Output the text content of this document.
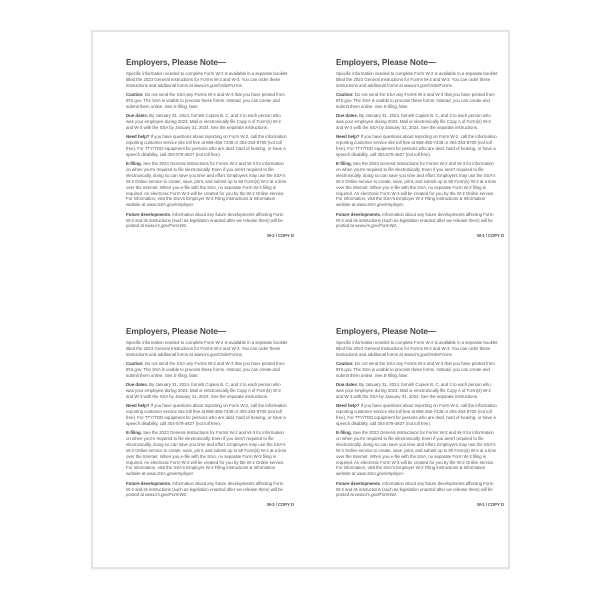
Employers, Please Note—

Specific information needed to complete Form W-2 is available in a separate booklet titled the 2023 General Instructions for Forms W-2 and W-3. You can order these instructions and additional forms at www.irs.gov/OrderForms.

Caution: Do not send the SSA any Forms W-2 and W-3 that you have printed from IRS.gov. The SSA is unable to process these forms. Instead, you can create and submit them online. See E-filing, later.

Due dates. By January 31, 2024, furnish Copies B, C, and 2 to each person who was your employee during 2023. Mail or electronically file Copy A of Form(s) W-2 and W-3 with the SSA by January 31, 2024. See the separate instructions.

Need help? If you have questions about reporting on Form W-2, call the information reporting customer service site toll free at 866-455-7438 or 304-263-8700 (not toll free). For TTY/TDD equipment for persons who are deaf, hard of hearing, or have a speech disability, call 304-579-4827 (not toll free).

E-filing. See the 2023 General Instructions for Forms W-2 and W-3 for information on when you're required to file electronically. Even if you aren't required to file electronically, doing so can save you time and effort. Employers may use the SSA's W-2 Online service to create, save, print, and submit up to 50 Form(s) W-2 at a time over the Internet. When you e-file with the SSA, no separate Form W-3 filing is required. An electronic Form W-3 will be created for you by the W-2 Online service. For information, visit the SSA's Employer W-2 Filing Instructions & Information website at www.SSA.gov/employer.

Future developments. Information about any future developments affecting Form W-2 and its instructions (such as legislation enacted after we release them) will be posted at www.irs.gov/FormW2.

W-2 / COPY D
Employers, Please Note—

Specific information needed to complete Form W-2 is available in a separate booklet titled the 2023 General Instructions for Forms W-2 and W-3. You can order these instructions and additional forms at www.irs.gov/OrderForms.

Caution: Do not send the SSA any Forms W-2 and W-3 that you have printed from IRS.gov. The SSA is unable to process these forms. Instead, you can create and submit them online. See E-filing, later.

Due dates. By January 31, 2024, furnish Copies B, C, and 2 to each person who was your employee during 2023. Mail or electronically file Copy A of Form(s) W-2 and W-3 with the SSA by January 31, 2024. See the separate instructions.

Need help? If you have questions about reporting on Form W-2, call the information reporting customer service site toll free at 866-455-7438 or 304-263-8700 (not toll free). For TTY/TDD equipment for persons who are deaf, hard of hearing, or have a speech disability, call 304-579-4827 (not toll free).

E-filing. See the 2023 General Instructions for Forms W-2 and W-3 for information on when you're required to file electronically. Even if you aren't required to file electronically, doing so can save you time and effort. Employers may use the SSA's W-2 Online service to create, save, print, and submit up to 50 Form(s) W-2 at a time over the Internet. When you e-file with the SSA, no separate Form W-3 filing is required. An electronic Form W-3 will be created for you by the W-2 Online service. For information, visit the SSA's Employer W-2 Filing Instructions & Information website at www.SSA.gov/employer.

Future developments. Information about any future developments affecting Form W-2 and its instructions (such as legislation enacted after we release them) will be posted at www.irs.gov/FormW2.

W-2 / COPY D
Employers, Please Note—

Specific information needed to complete Form W-2 is available in a separate booklet titled the 2023 General Instructions for Forms W-2 and W-3. You can order these instructions and additional forms at www.irs.gov/OrderForms.

Caution: Do not send the SSA any Forms W-2 and W-3 that you have printed from IRS.gov. The SSA is unable to process these forms. Instead, you can create and submit them online. See E-filing, later.

Due dates. By January 31, 2024, furnish Copies B, C, and 2 to each person who was your employee during 2023. Mail or electronically file Copy A of Form(s) W-2 and W-3 with the SSA by January 31, 2024. See the separate instructions.

Need help? If you have questions about reporting on Form W-2, call the information reporting customer service site toll free at 866-455-7438 or 304-263-8700 (not toll free). For TTY/TDD equipment for persons who are deaf, hard of hearing, or have a speech disability, call 304-579-4827 (not toll free).

E-filing. See the 2023 General Instructions for Forms W-2 and W-3 for information on when you're required to file electronically. Even if you aren't required to file electronically, doing so can save you time and effort. Employers may use the SSA's W-2 Online service to create, save, print, and submit up to 50 Form(s) W-2 at a time over the Internet. When you e-file with the SSA, no separate Form W-3 filing is required. An electronic Form W-3 will be created for you by the W-2 Online service. For information, visit the SSA's Employer W-2 Filing Instructions & Information website at www.SSA.gov/employer.

Future developments. Information about any future developments affecting Form W-2 and its instructions (such as legislation enacted after we release them) will be posted at www.irs.gov/FormW2.

W-2 / COPY D
Employers, Please Note—

Specific information needed to complete Form W-2 is available in a separate booklet titled the 2023 General Instructions for Forms W-2 and W-3. You can order these instructions and additional forms at www.irs.gov/OrderForms.

Caution: Do not send the SSA any Forms W-2 and W-3 that you have printed from IRS.gov. The SSA is unable to process these forms. Instead, you can create and submit them online. See E-filing, later.

Due dates. By January 31, 2024, furnish Copies B, C, and 2 to each person who was your employee during 2023. Mail or electronically file Copy A of Form(s) W-2 and W-3 with the SSA by January 31, 2024. See the separate instructions.

Need help? If you have questions about reporting on Form W-2, call the information reporting customer service site toll free at 866-455-7438 or 304-263-8700 (not toll free). For TTY/TDD equipment for persons who are deaf, hard of hearing, or have a speech disability, call 304-579-4827 (not toll free).

E-filing. See the 2023 General Instructions for Forms W-2 and W-3 for information on when you're required to file electronically. Even if you aren't required to file electronically, doing so can save you time and effort. Employers may use the SSA's W-2 Online service to create, save, print, and submit up to 50 Form(s) W-2 at a time over the Internet. When you e-file with the SSA, no separate Form W-3 filing is required. An electronic Form W-3 will be created for you by the W-2 Online service. For information, visit the SSA's Employer W-2 Filing Instructions & Information website at www.SSA.gov/employer.

Future developments. Information about any future developments affecting Form W-2 and its instructions (such as legislation enacted after we release them) will be posted at www.irs.gov/FormW2.

W-2 / COPY D
